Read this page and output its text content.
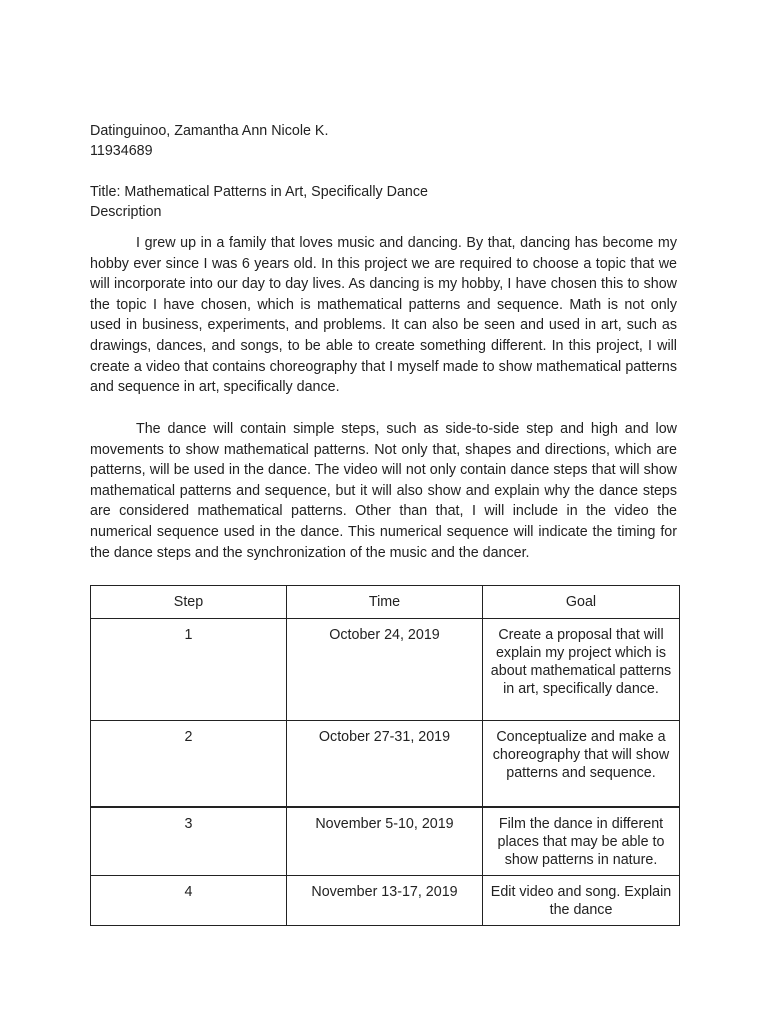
Datinguinoo, Zamantha Ann Nicole K.
11934689
Title: Mathematical Patterns in Art, Specifically Dance
Description

I grew up in a family that loves music and dancing. By that, dancing has become my hobby ever since I was 6 years old. In this project we are required to choose a topic that we will incorporate into our day to day lives. As dancing is my hobby, I have chosen this to show the topic I have chosen, which is mathematical patterns and sequence. Math is not only used in business, experiments, and problems. It can also be seen and used in art, such as drawings, dances, and songs, to be able to create something different. In this project, I will create a video that contains choreography that I myself made to show mathematical patterns and sequence in art, specifically dance.

The dance will contain simple steps, such as side-to-side step and high and low movements to show mathematical patterns. Not only that, shapes and directions, which are patterns, will be used in the dance. The video will not only contain dance steps that will show mathematical patterns and sequence, but it will also show and explain why the dance steps are considered mathematical patterns. Other than that, I will include in the video the numerical sequence used in the dance. This numerical sequence will indicate the timing for the dance steps and the synchronization of the music and the dancer.

Step	Time	Goal
1	October 24, 2019	Create a proposal that will explain my project which is about mathematical patterns in art, specifically dance.
2	October 27-31, 2019	Conceptualize and make a choreography that will show patterns and sequence.
3	November 5-10, 2019	Film the dance in different places that may be able to show patterns in nature.
4	November 13-17, 2019	Edit video and song. Explain the dance
